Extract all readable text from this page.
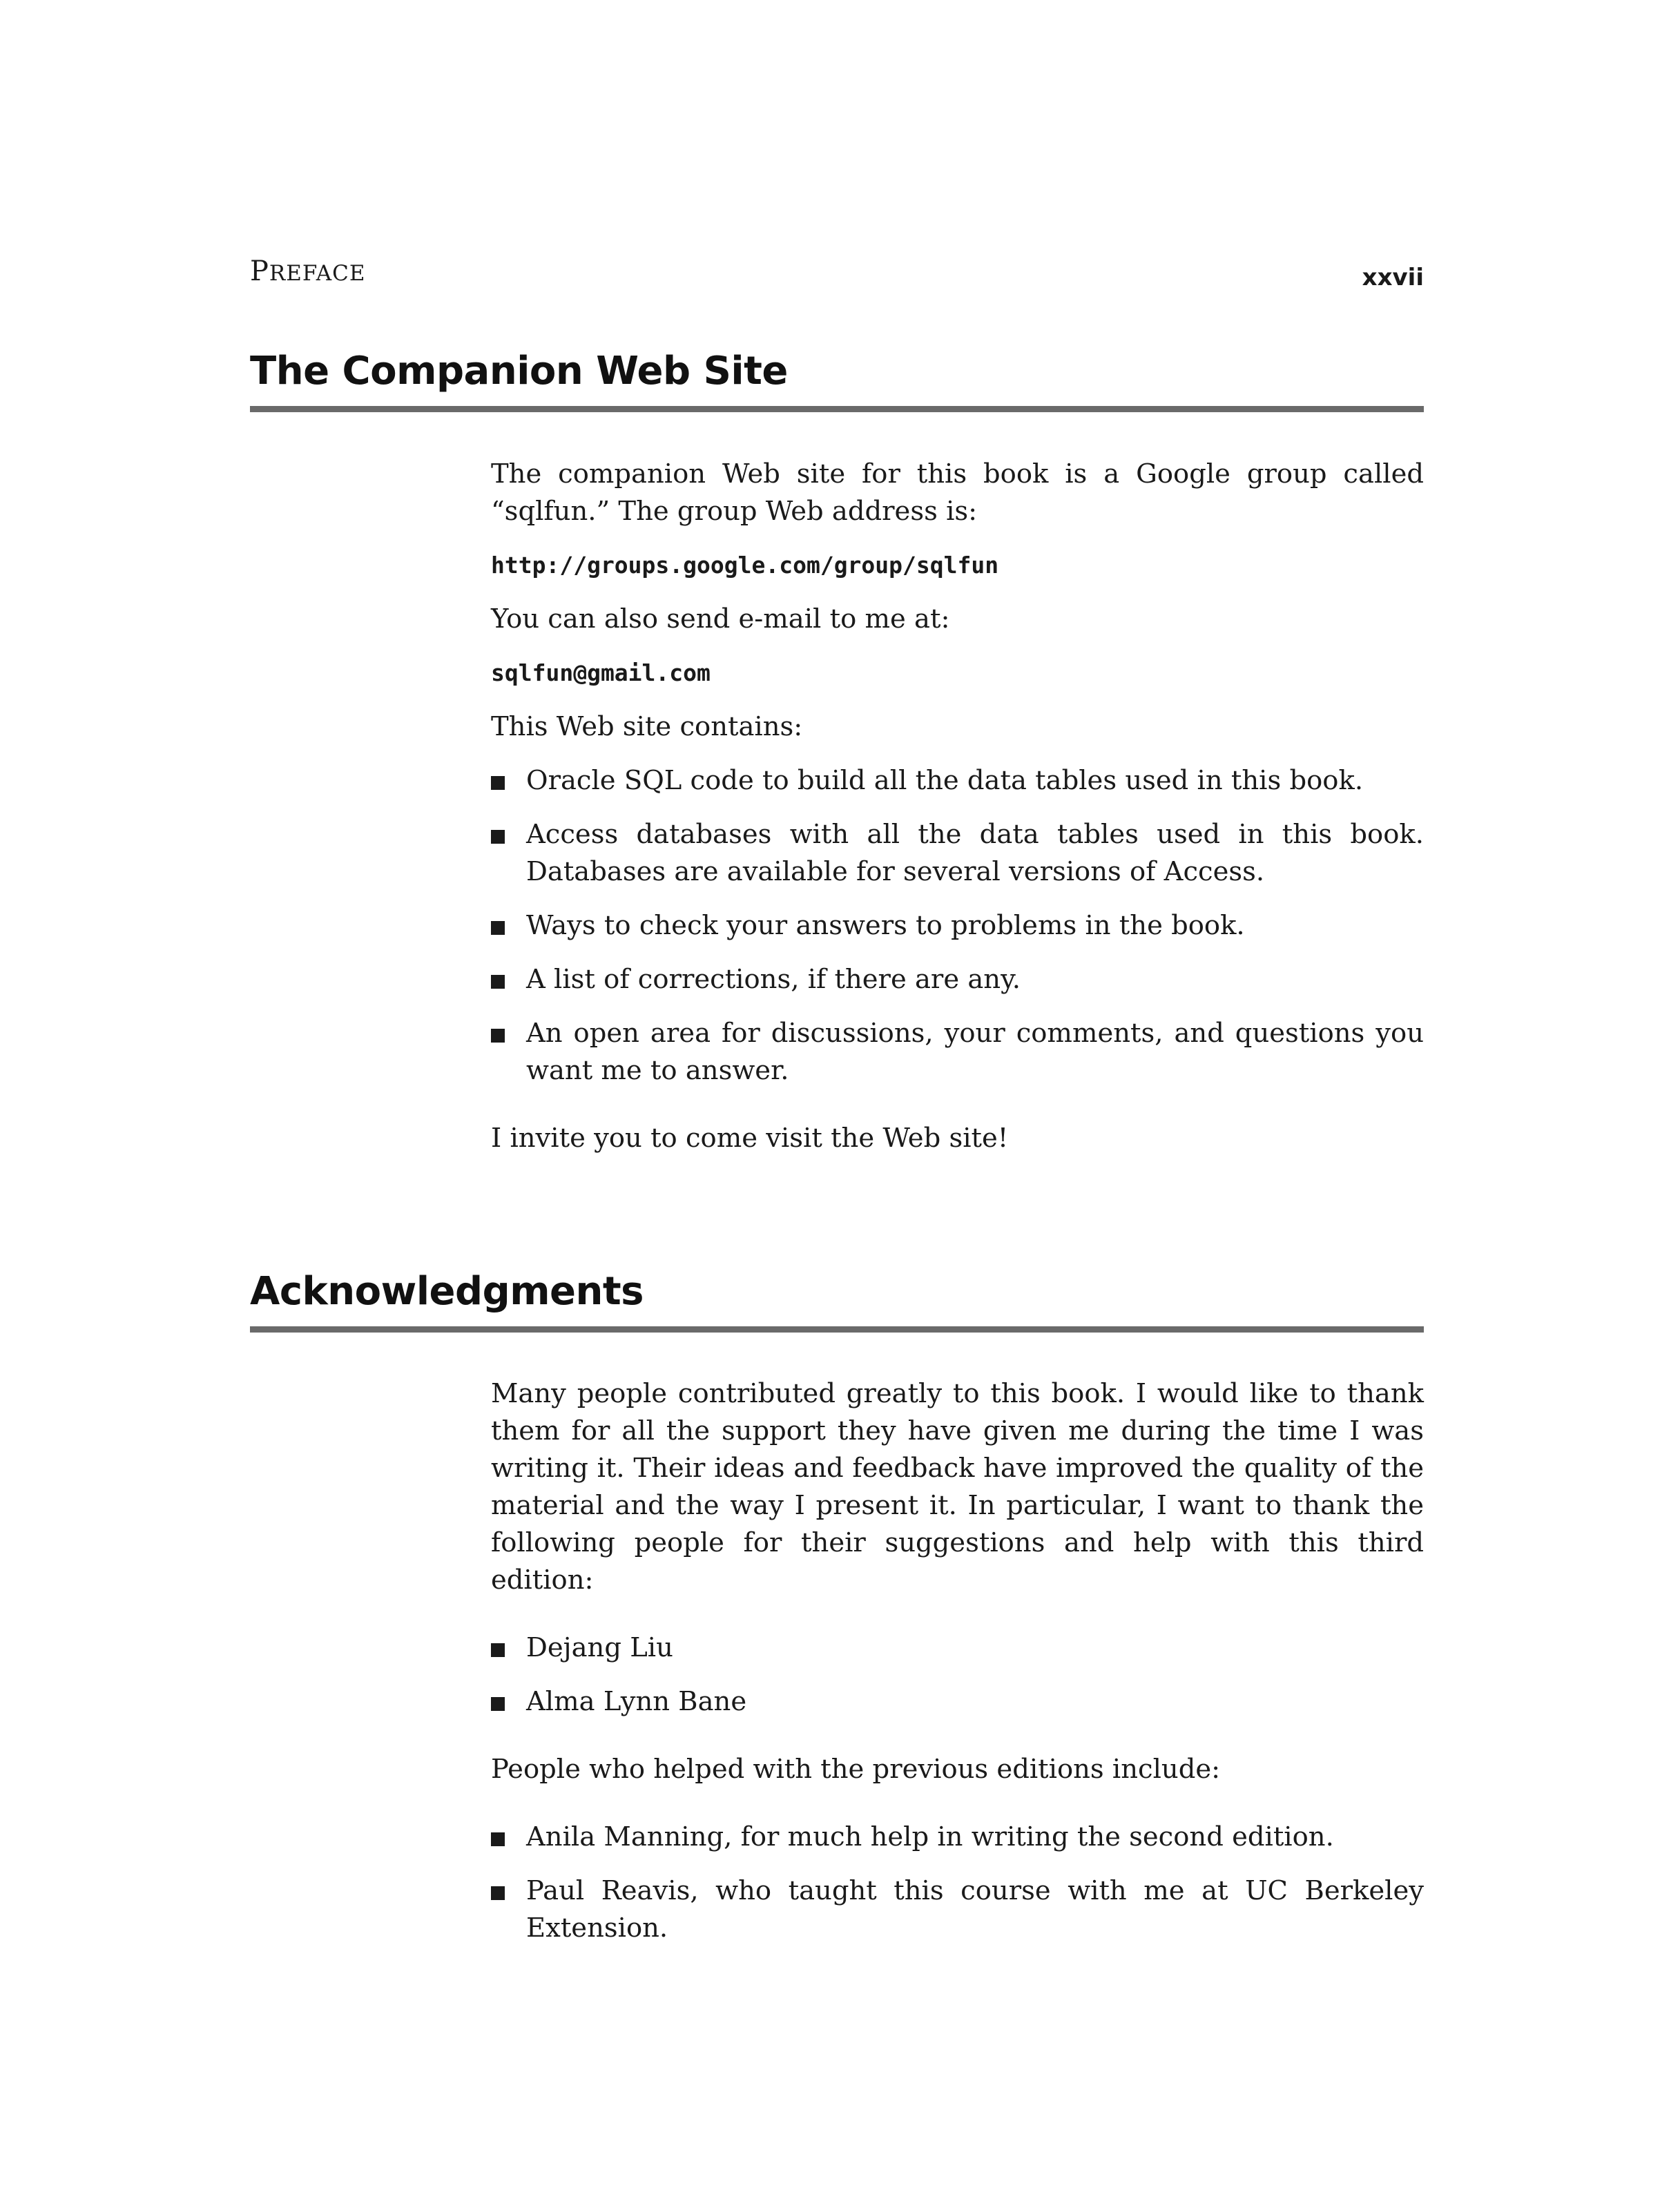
PREFACE	xxvii
The Companion Web Site

The companion Web site for this book is a Google group called “sqlfun.” The group Web address is:

http://groups.google.com/group/sqlfun

You can also send e-mail to me at:

sqlfun@gmail.com

This Web site contains:

Oracle SQL code to build all the data tables used in this book.
Access databases with all the data tables used in this book. Databases are available for several versions of Access.
Ways to check your answers to problems in the book.
A list of corrections, if there are any.
An open area for discussions, your comments, and questions you want me to answer.

I invite you to come visit the Web site!

Acknowledgments

Many people contributed greatly to this book. I would like to thank them for all the support they have given me during the time I was writing it. Their ideas and feedback have improved the quality of the material and the way I present it. In particular, I want to thank the following people for their suggestions and help with this third edition:

Dejang Liu
Alma Lynn Bane

People who helped with the previous editions include:

Anila Manning, for much help in writing the second edition.
Paul Reavis, who taught this course with me at UC Berkeley Extension.
